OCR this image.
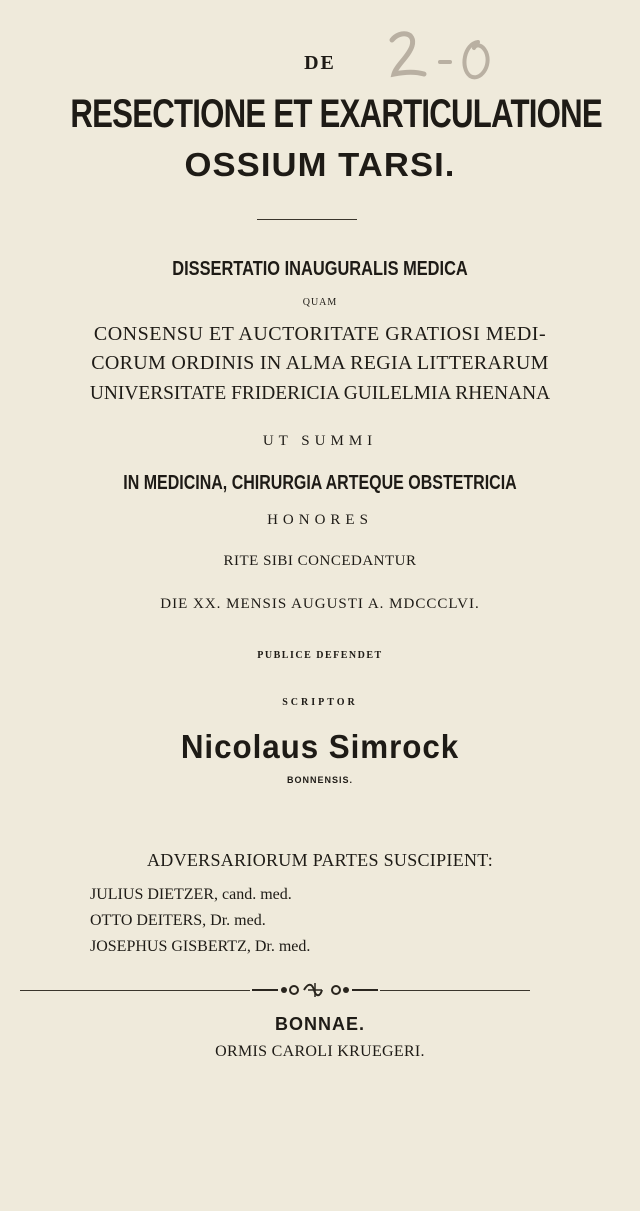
DE
RESECTIONE ET EXARTICULATIONE
OSSIUM TARSI.
DISSERTATIO INAUGURALIS MEDICA
QUAM
CONSENSU ET AUCTORITATE GRATIOSI MEDI-
CORUM ORDINIS IN ALMA REGIA LITTERARUM
UNIVERSITATE FRIDERICIA GUILELMIA RHENANA
UT SUMMI
IN MEDICINA, CHIRURGIA ARTEQUE OBSTETRICIA
HONORES
RITE SIBI CONCEDANTUR
DIE XX. MENSIS AUGUSTI A. MDCCCLVI.
PUBLICE DEFENDET
SCRIPTOR
Nicolaus Simrock
BONNENSIS.
ADVERSARIORUM PARTES SUSCIPIENT:
JULIUS DIETZER, cand. med.
OTTO DEITERS, Dr. med.
JOSEPHUS GISBERTZ, Dr. med.
BONNAE.
ORMIS CAROLI KRUEGERI.
